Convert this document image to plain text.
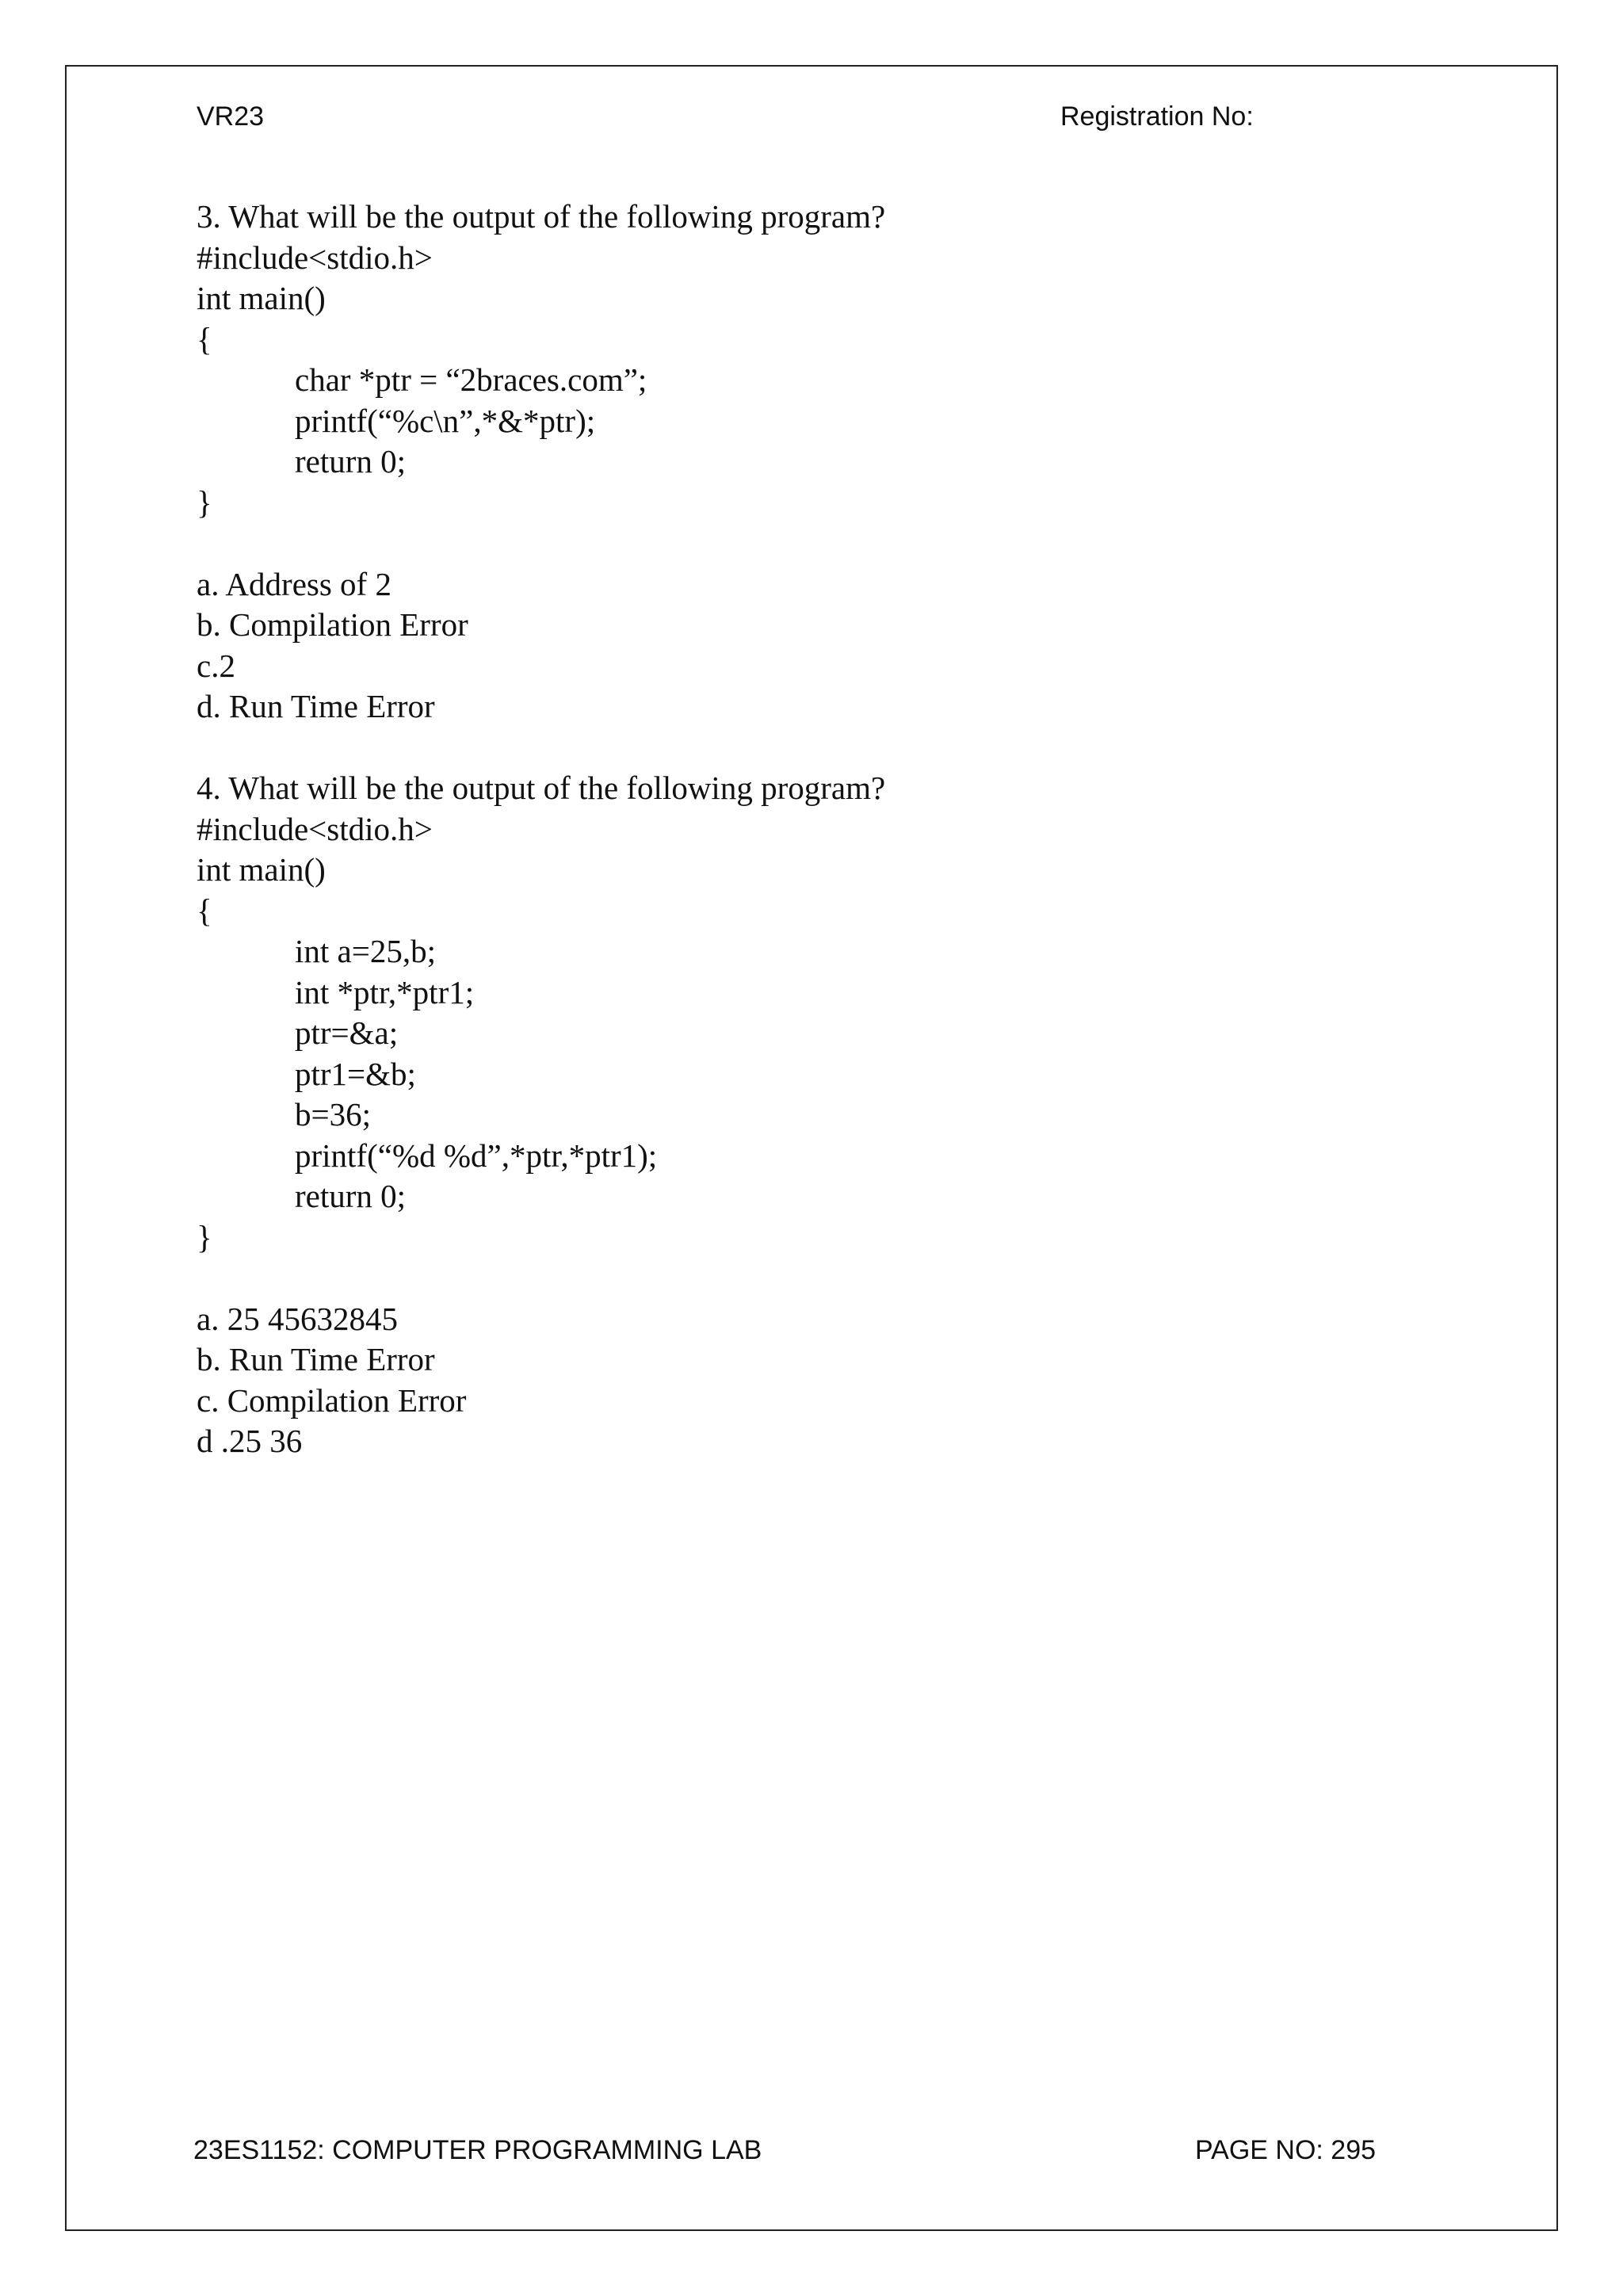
VR23	Registration No:
3. What will be the output of the following program?
#include<stdio.h>
int main()
{
char *ptr = “2braces.com”;
printf(“%c\n”,*&*ptr);
return 0;
}
a. Address of 2
b. Compilation Error
c.2
d. Run Time Error
4. What will be the output of the following program?
#include<stdio.h>
int main()
{
int a=25,b;
int *ptr,*ptr1;
ptr=&a;
ptr1=&b;
b=36;
printf(“%d %d”,*ptr,*ptr1);
return 0;
}
a. 25 45632845
b. Run Time Error
c. Compilation Error
d .25 36
23ES1152: COMPUTER PROGRAMMING LAB	PAGE NO: 295
